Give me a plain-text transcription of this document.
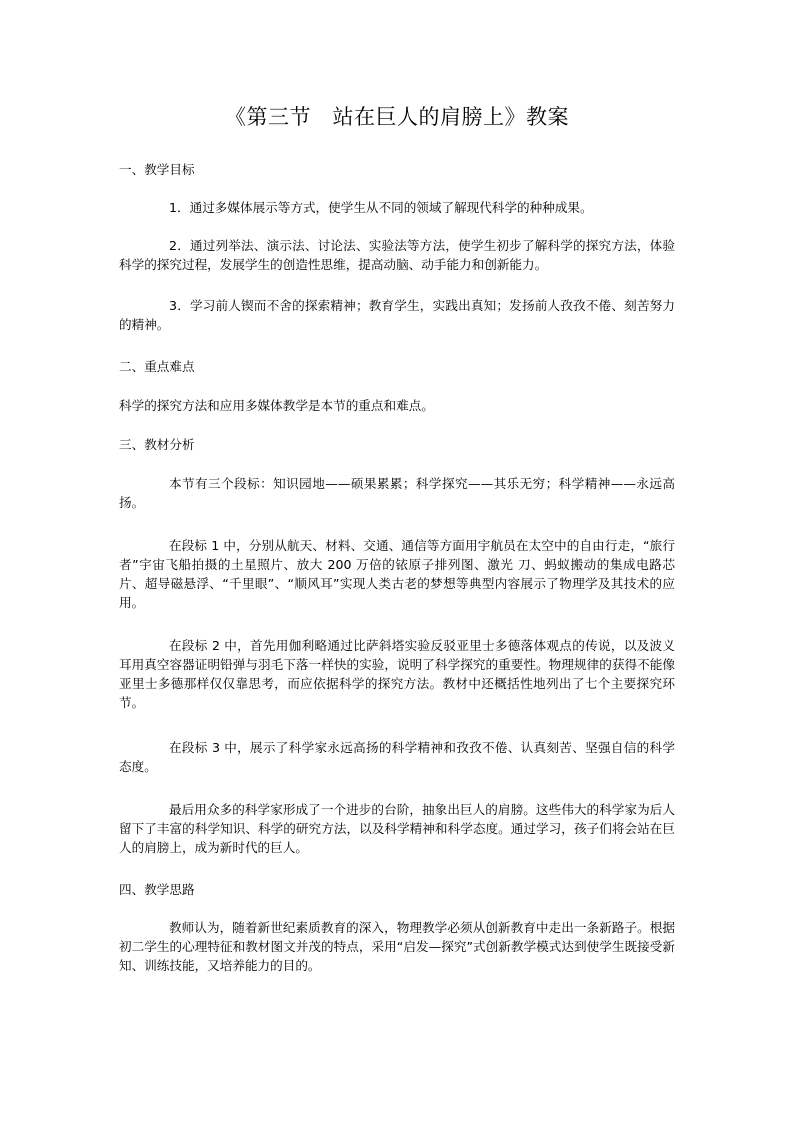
《第三节　站在巨人的肩膀上》教案

一、教学目标

1．通过多媒体展示等方式，使学生从不同的领域了解现代科学的种种成果。

2．通过列举法、演示法、讨论法、实验法等方法，使学生初步了解科学的探究方法，体验科学的探究过程，发展学生的创造性思维，提高动脑、动手能力和创新能力。

3．学习前人锲而不舍的探索精神；教育学生，实践出真知；发扬前人孜孜不倦、刻苦努力的精神。

二、重点难点

科学的探究方法和应用多媒体教学是本节的重点和难点。

三、教材分析

本节有三个段标：知识园地——硕果累累；科学探究——其乐无穷；科学精神——永远高扬。

在段标 1 中，分别从航天、材料、交通、通信等方面用宇航员在太空中的自由行走，“旅行者”宇宙飞船拍摄的土星照片、放大 200 万倍的铱原子排列图、激光 刀、蚂蚁搬动的集成电路芯片、超导磁悬浮、“千里眼”、“顺风耳”实现人类古老的梦想等典型内容展示了物理学及其技术的应用。

在段标 2 中，首先用伽利略通过比萨斜塔实验反驳亚里士多德落体观点的传说，以及波义耳用真空容器证明铅弹与羽毛下落一样快的实验，说明了科学探究的重要性。物理规律的获得不能像亚里士多德那样仅仅靠思考，而应依据科学的探究方法。教材中还概括性地列出了七个主要探究环节。

在段标 3 中，展示了科学家永远高扬的科学精神和孜孜不倦、认真刻苦、坚强自信的科学态度。

最后用众多的科学家形成了一个进步的台阶，抽象出巨人的肩膀。这些伟大的科学家为后人留下了丰富的科学知识、科学的研究方法，以及科学精神和科学态度。通过学习，孩子们将会站在巨人的肩膀上，成为新时代的巨人。

四、教学思路

教师认为，随着新世纪素质教育的深入，物理教学必须从创新教育中走出一条新路子。根据初二学生的心理特征和教材图文并茂的特点，采用“启发—探究”式创新教学模式达到使学生既接受新知、训练技能，又培养能力的目的。
